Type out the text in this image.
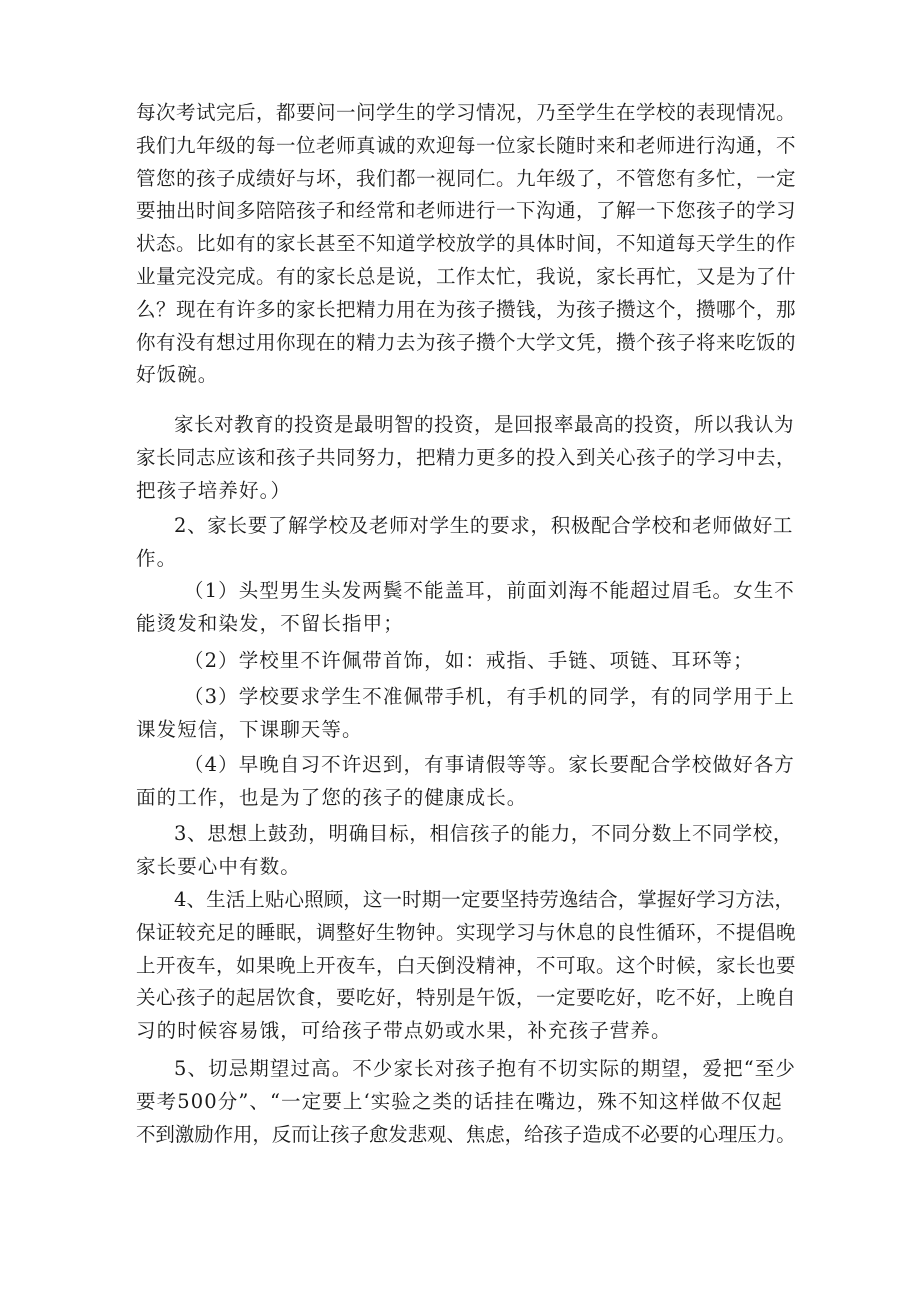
每次考试完后，都要问一问学生的学习情况，乃至学生在学校的表现情况。
我们九年级的每一位老师真诚的欢迎每一位家长随时来和老师进行沟通，不
管您的孩子成绩好与坏，我们都一视同仁。九年级了，不管您有多忙，一定
要抽出时间多陪陪孩子和经常和老师进行一下沟通，了解一下您孩子的学习
状态。比如有的家长甚至不知道学校放学的具体时间，不知道每天学生的作
业量完没完成。有的家长总是说，工作太忙，我说，家长再忙，又是为了什
么？现在有许多的家长把精力用在为孩子攒钱，为孩子攒这个，攒哪个，那
你有没有想过用你现在的精力去为孩子攒个大学文凭，攒个孩子将来吃饭的
好饭碗。

家长对教育的投资是最明智的投资，是回报率最高的投资，所以我认为
家长同志应该和孩子共同努力，把精力更多的投入到关心孩子的学习中去，
把孩子培养好。）

2、家长要了解学校及老师对学生的要求，积极配合学校和老师做好工
作。

（1）头型男生头发两鬓不能盖耳，前面刘海不能超过眉毛。女生不
能烫发和染发，不留长指甲；

（2）学校里不许佩带首饰，如：戒指、手链、项链、耳环等；

（3）学校要求学生不准佩带手机，有手机的同学，有的同学用于上
课发短信，下课聊天等。

（4）早晚自习不许迟到，有事请假等等。家长要配合学校做好各方
面的工作，也是为了您的孩子的健康成长。

3、思想上鼓劲，明确目标，相信孩子的能力，不同分数上不同学校，
家长要心中有数。

4、生活上贴心照顾，这一时期一定要坚持劳逸结合，掌握好学习方法，
保证较充足的睡眠，调整好生物钟。实现学习与休息的良性循环，不提倡晚
上开夜车，如果晚上开夜车，白天倒没精神，不可取。这个时候，家长也要
关心孩子的起居饮食，要吃好，特别是午饭，一定要吃好，吃不好，上晚自
习的时候容易饿，可给孩子带点奶或水果，补充孩子营养。

5、切忌期望过高。不少家长对孩子抱有不切实际的期望，爱把“至少
要考500分”、“一定要上‘实验之类的话挂在嘴边，殊不知这样做不仅起
不到激励作用，反而让孩子愈发悲观、焦虑，给孩子造成不必要的心理压力。
